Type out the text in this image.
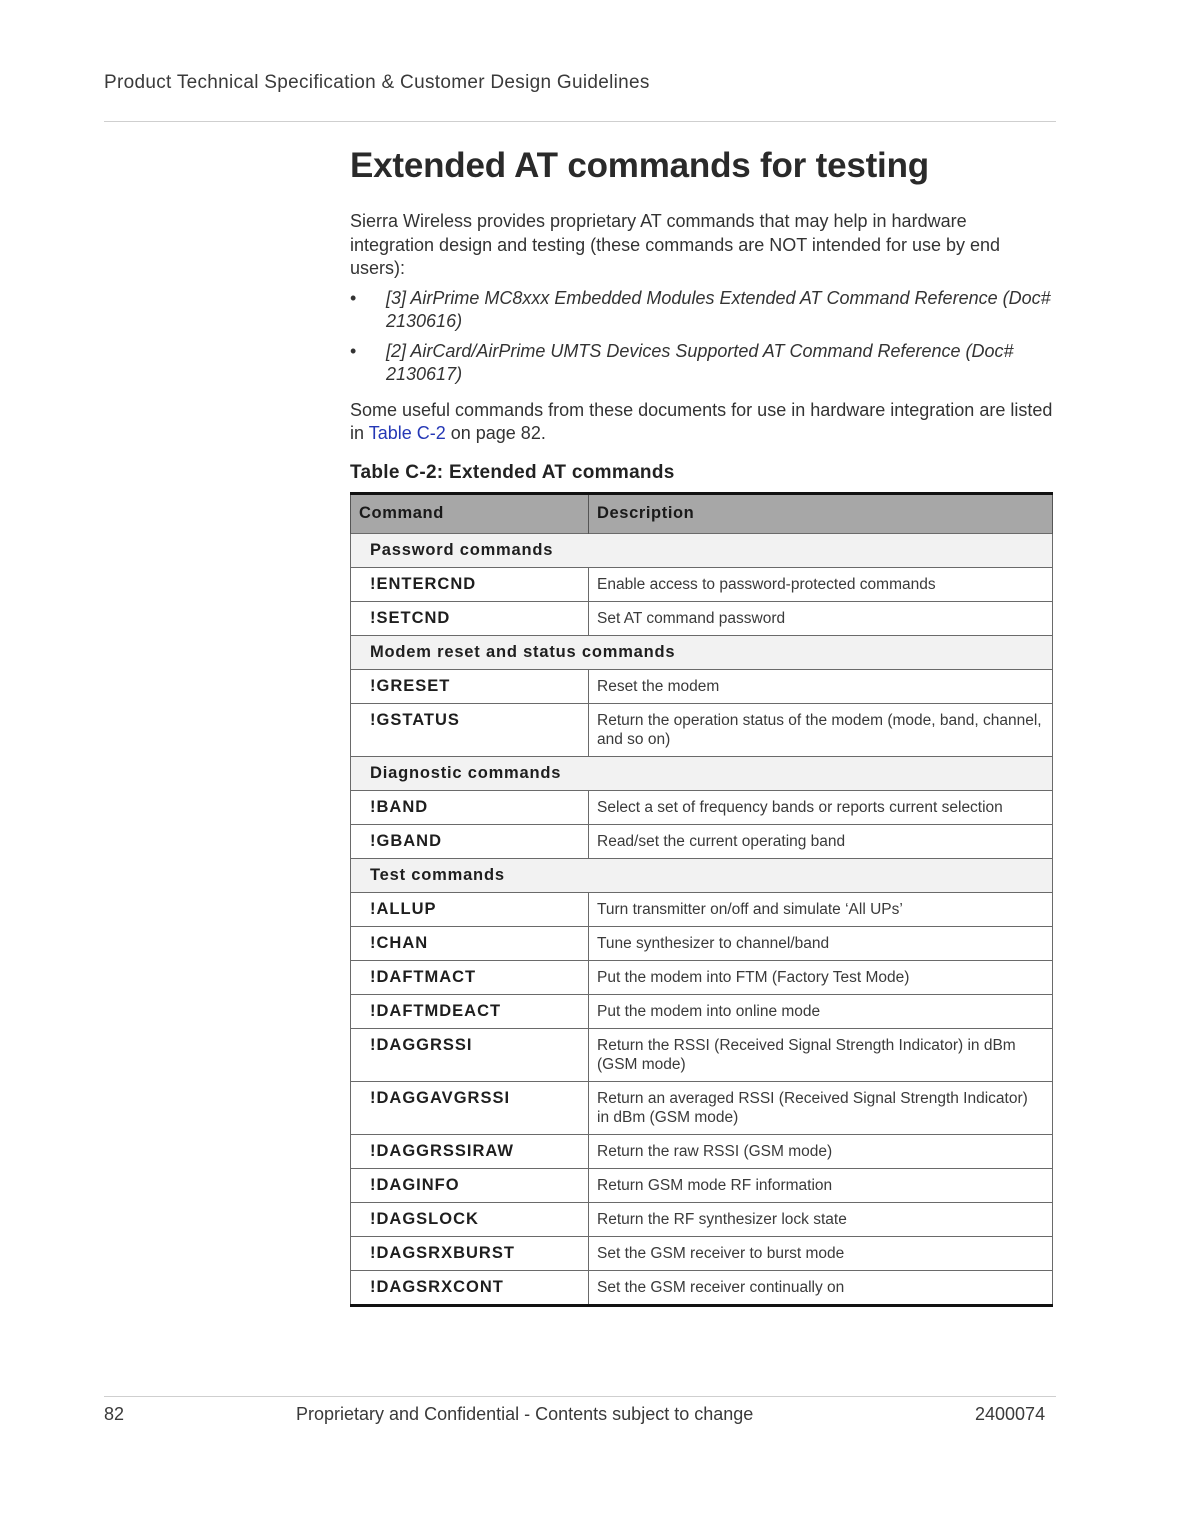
Product Technical Specification & Customer Design Guidelines
Extended AT commands for testing

Sierra Wireless provides proprietary AT commands that may help in hardware integration design and testing (these commands are NOT intended for use by end users):

• [3] AirPrime MC8xxx Embedded Modules Extended AT Command Reference (Doc# 2130616)
• [2] AirCard/AirPrime UMTS Devices Supported AT Command Reference (Doc# 2130617)

Some useful commands from these documents for use in hardware integration are listed in Table C-2 on page 82.

Table C-2: Extended AT commands
Command	Description
Password commands	
!ENTERCND	Enable access to password-protected commands
!SETCND	Set AT command password
Modem reset and status commands	
!GRESET	Reset the modem
!GSTATUS	Return the operation status of the modem (mode, band, channel, and so on)
Diagnostic commands	
!BAND	Select a set of frequency bands or reports current selection
!GBAND	Read/set the current operating band
Test commands	
!ALLUP	Turn transmitter on/off and simulate ‘All UPs’
!CHAN	Tune synthesizer to channel/band
!DAFTMACT	Put the modem into FTM (Factory Test Mode)
!DAFTMDEACT	Put the modem into online mode
!DAGGRSSI	Return the RSSI (Received Signal Strength Indicator) in dBm (GSM mode)
!DAGGAVGRSSI	Return an averaged RSSI (Received Signal Strength Indicator) in dBm (GSM mode)
!DAGGRSSIRAW	Return the raw RSSI (GSM mode)
!DAGINFO	Return GSM mode RF information
!DAGSLOCK	Return the RF synthesizer lock state
!DAGSRXBURST	Set the GSM receiver to burst mode
!DAGSRXCONT	Set the GSM receiver continually on
82	Proprietary and Confidential - Contents subject to change	2400074
